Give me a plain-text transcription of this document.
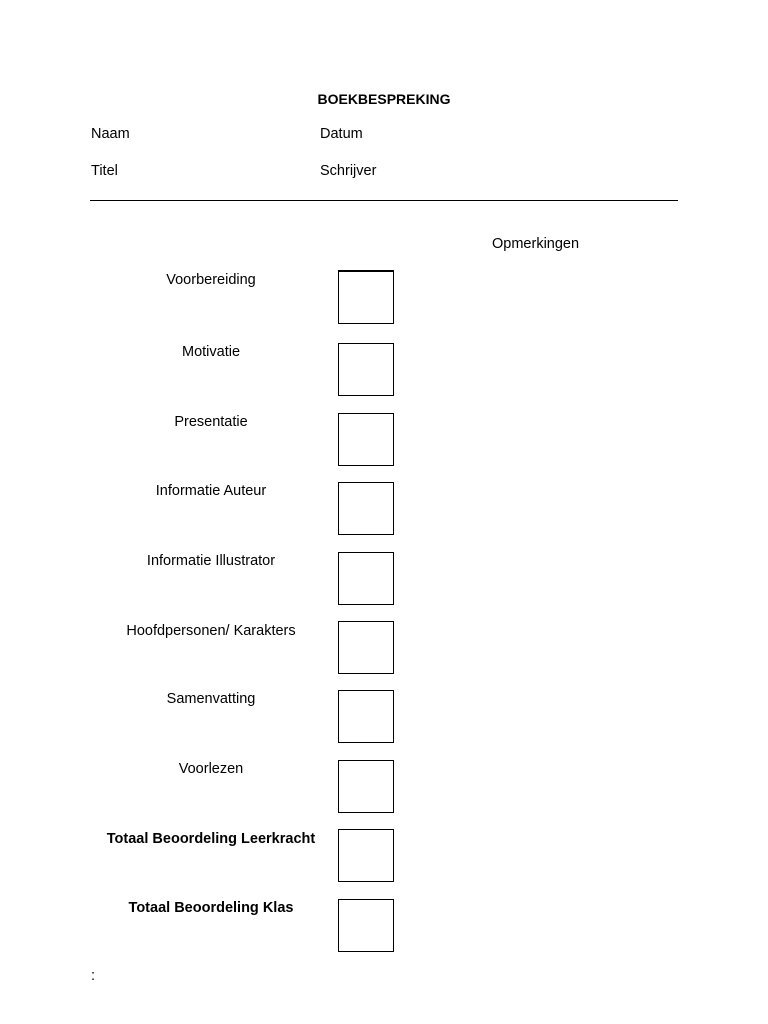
BOEKBESPREKING
Naam	Datum
Titel	Schrijver
Opmerkingen
Voorbereiding
Motivatie
Presentatie
Informatie Auteur
Informatie Illustrator
Hoofdpersonen/ Karakters
Samenvatting
Voorlezen
Totaal Beoordeling Leerkracht
Totaal Beoordeling Klas
:
